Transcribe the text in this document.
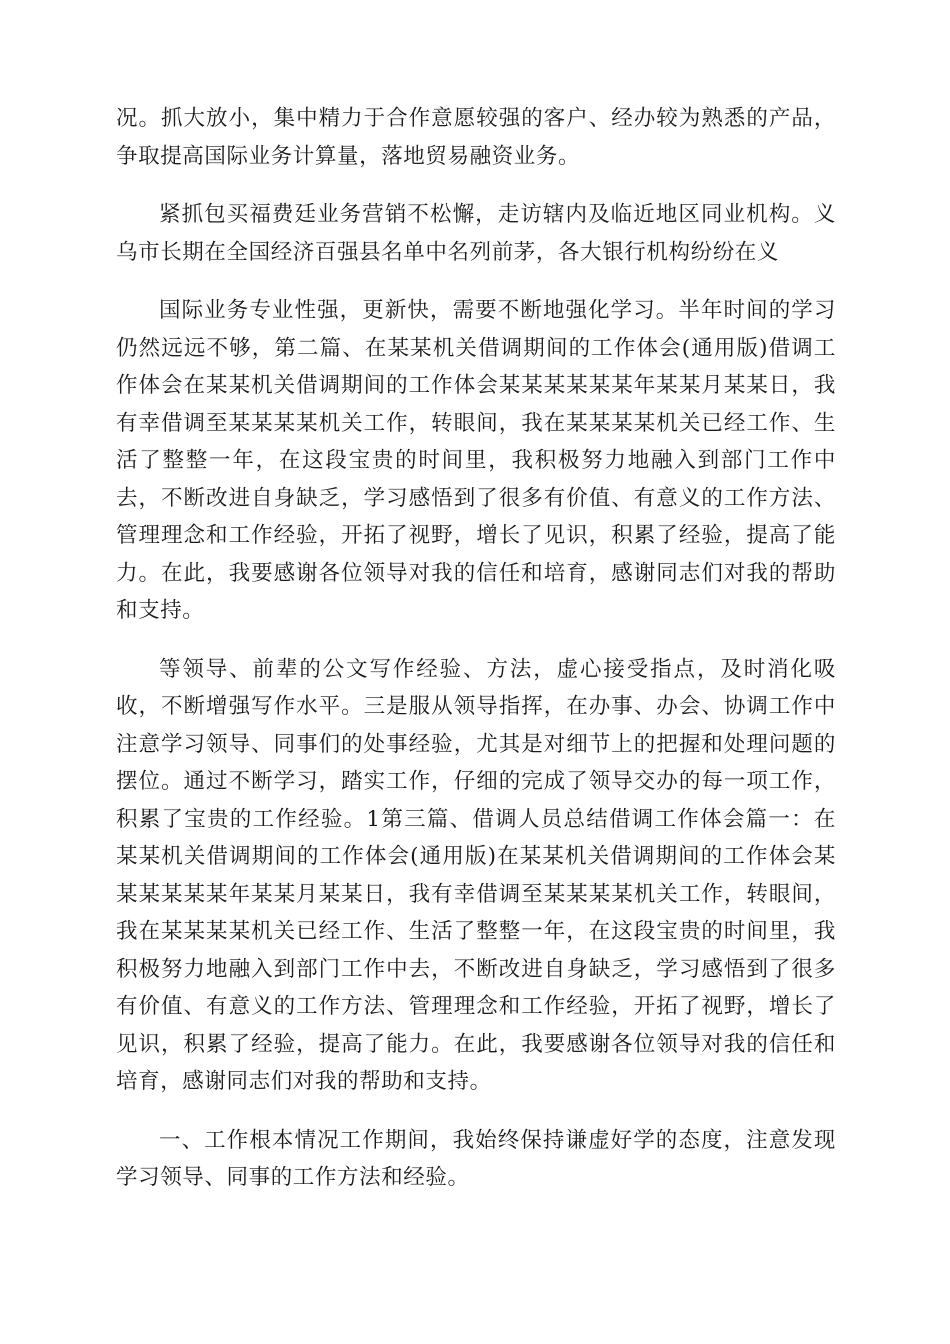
况。抓大放小，集中精力于合作意愿较强的客户、经办较为熟悉的产品，争取提高国际业务计算量，落地贸易融资业务。

紧抓包买福费廷业务营销不松懈，走访辖内及临近地区同业机构。义乌市长期在全国经济百强县名单中名列前茅，各大银行机构纷纷在义

国际业务专业性强，更新快，需要不断地强化学习。半年时间的学习仍然远远不够，第二篇、在某某机关借调期间的工作体会(通用版)借调工作体会在某某机关借调期间的工作体会某某某某某某年某某月某某日，我有幸借调至某某某某机关工作，转眼间，我在某某某某机关已经工作、生活了整整一年，在这段宝贵的时间里，我积极努力地融入到部门工作中去，不断改进自身缺乏，学习感悟到了很多有价值、有意义的工作方法、管理理念和工作经验，开拓了视野，增长了见识，积累了经验，提高了能力。在此，我要感谢各位领导对我的信任和培育，感谢同志们对我的帮助和支持。

等领导、前辈的公文写作经验、方法，虚心接受指点，及时消化吸收，不断增强写作水平。三是服从领导指挥，在办事、办会、协调工作中注意学习领导、同事们的处事经验，尤其是对细节上的把握和处理问题的摆位。通过不断学习，踏实工作，仔细的完成了领导交办的每一项工作，积累了宝贵的工作经验。1第三篇、借调人员总结借调工作体会篇一：在某某机关借调期间的工作体会(通用版)在某某机关借调期间的工作体会某某某某某某年某某月某某日，我有幸借调至某某某某机关工作，转眼间，我在某某某某机关已经工作、生活了整整一年，在这段宝贵的时间里，我积极努力地融入到部门工作中去，不断改进自身缺乏，学习感悟到了很多有价值、有意义的工作方法、管理理念和工作经验，开拓了视野，增长了见识，积累了经验，提高了能力。在此，我要感谢各位领导对我的信任和培育，感谢同志们对我的帮助和支持。

一、工作根本情况工作期间，我始终保持谦虚好学的态度，注意发现学习领导、同事的工作方法和经验。
